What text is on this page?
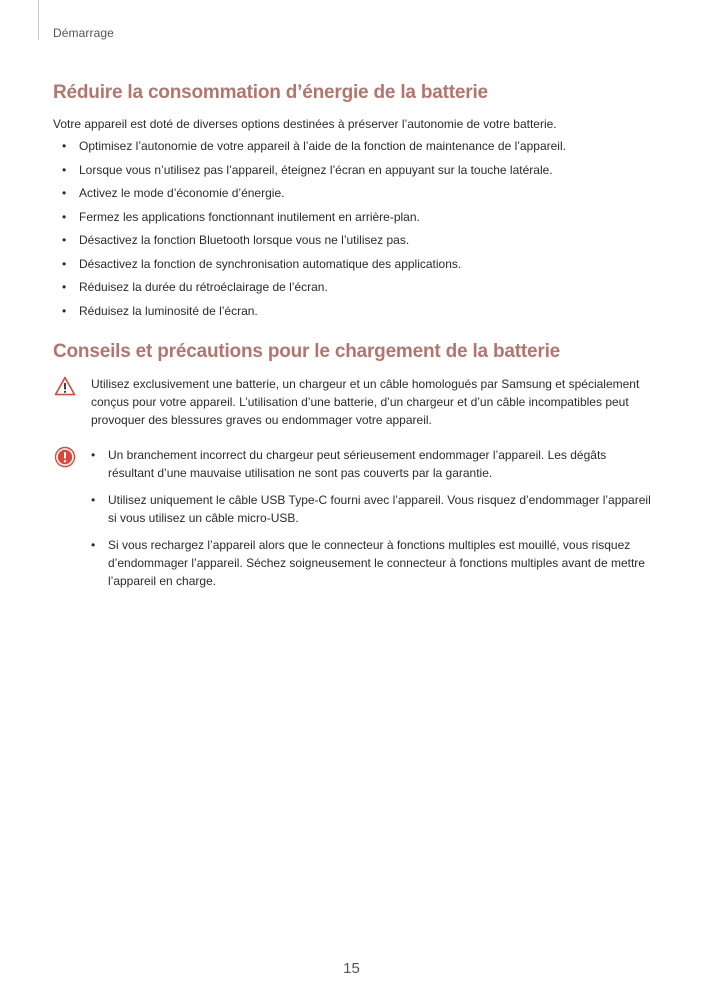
Démarrage
Réduire la consommation d’énergie de la batterie

Votre appareil est doté de diverses options destinées à préserver l’autonomie de votre batterie.

• Optimisez l’autonomie de votre appareil à l’aide de la fonction de maintenance de l’appareil.
• Lorsque vous n’utilisez pas l’appareil, éteignez l’écran en appuyant sur la touche latérale.
• Activez le mode d’économie d’énergie.
• Fermez les applications fonctionnant inutilement en arrière-plan.
• Désactivez la fonction Bluetooth lorsque vous ne l’utilisez pas.
• Désactivez la fonction de synchronisation automatique des applications.
• Réduisez la durée du rétroéclairage de l’écran.
• Réduisez la luminosité de l’écran.
Conseils et précautions pour le chargement de la batterie
Utilisez exclusivement une batterie, un chargeur et un câble homologués par Samsung et spécialement conçus pour votre appareil. L’utilisation d’une batterie, d’un chargeur et d’un câble incompatibles peut provoquer des blessures graves ou endommager votre appareil.
• Un branchement incorrect du chargeur peut sérieusement endommager l’appareil. Les dégâts résultant d’une mauvaise utilisation ne sont pas couverts par la garantie.
• Utilisez uniquement le câble USB Type-C fourni avec l’appareil. Vous risquez d’endommager l’appareil si vous utilisez un câble micro-USB.
• Si vous rechargez l’appareil alors que le connecteur à fonctions multiples est mouillé, vous risquez d’endommager l’appareil. Séchez soigneusement le connecteur à fonctions multiples avant de mettre l’appareil en charge.
15
